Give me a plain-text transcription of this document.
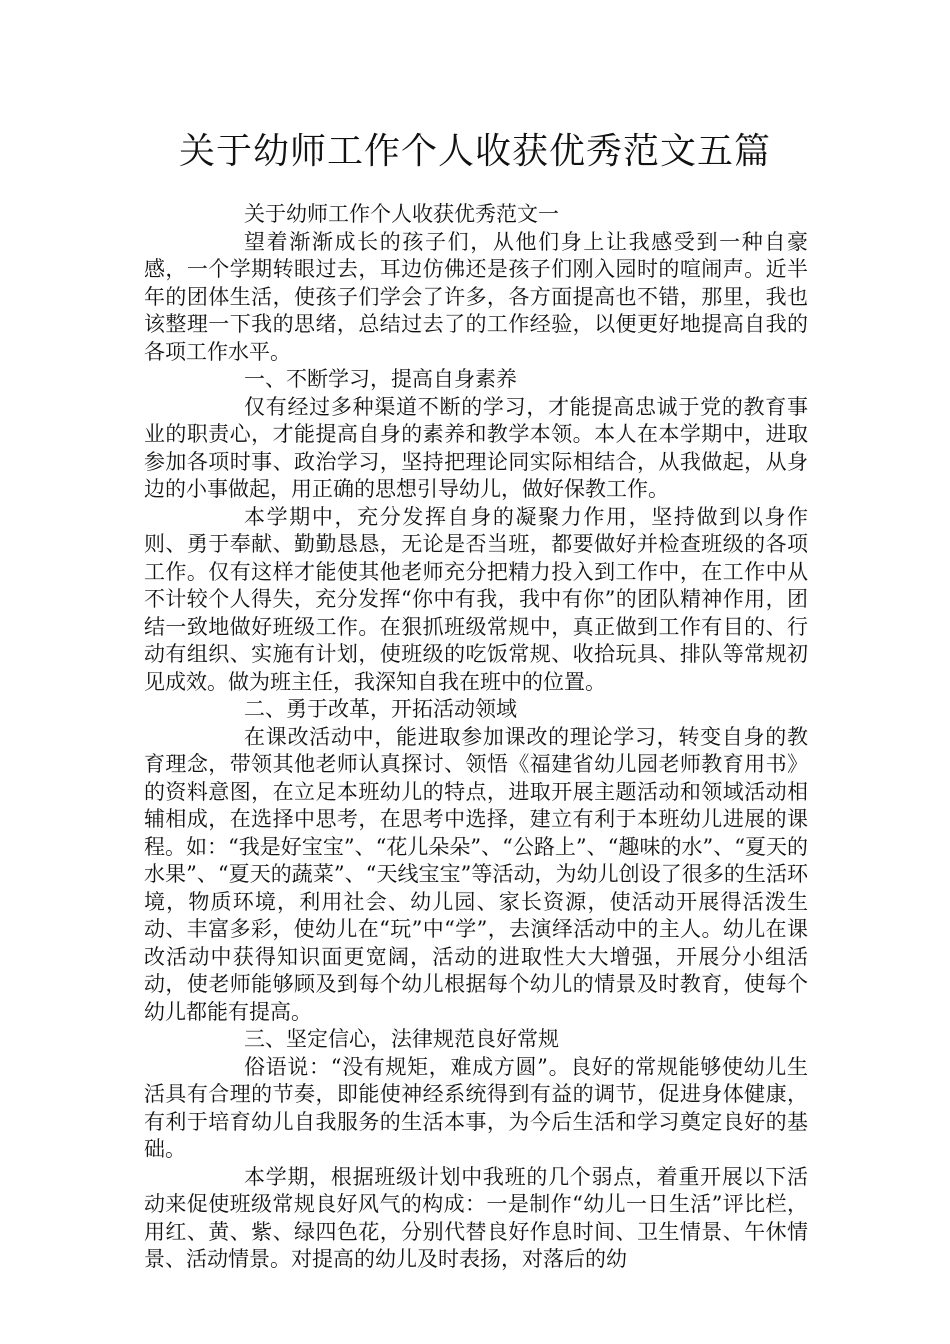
关于幼师工作个人收获优秀范文五篇

关于幼师工作个人收获优秀范文一

望着渐渐成长的孩子们，从他们身上让我感受到一种自豪感，一个学期转眼过去，耳边仿佛还是孩子们刚入园时的喧闹声。近半年的团体生活，使孩子们学会了许多，各方面提高也不错，那里，我也该整理一下我的思绪，总结过去了的工作经验，以便更好地提高自我的各项工作水平。

一、不断学习，提高自身素养

仅有经过多种渠道不断的学习，才能提高忠诚于党的教育事业的职责心，才能提高自身的素养和教学本领。本人在本学期中，进取参加各项时事、政治学习，坚持把理论同实际相结合，从我做起，从身边的小事做起，用正确的思想引导幼儿，做好保教工作。

本学期中，充分发挥自身的凝聚力作用，坚持做到以身作则、勇于奉献、勤勤恳恳，无论是否当班，都要做好并检查班级的各项工作。仅有这样才能使其他老师充分把精力投入到工作中，在工作中从不计较个人得失，充分发挥“你中有我，我中有你”的团队精神作用，团结一致地做好班级工作。在狠抓班级常规中，真正做到工作有目的、行动有组织、实施有计划，使班级的吃饭常规、收拾玩具、排队等常规初见成效。做为班主任，我深知自我在班中的位置。

二、勇于改革，开拓活动领域

在课改活动中，能进取参加课改的理论学习，转变自身的教育理念，带领其他老师认真探讨、领悟《福建省幼儿园老师教育用书》的资料意图，在立足本班幼儿的特点，进取开展主题活动和领域活动相辅相成，在选择中思考，在思考中选择，建立有利于本班幼儿进展的课程。如：“我是好宝宝”、“花儿朵朵”、“公路上”、“趣味的水”、“夏天的水果”、“夏天的蔬菜”、“天线宝宝”等活动，为幼儿创设了很多的生活环境，物质环境，利用社会、幼儿园、家长资源，使活动开展得活泼生动、丰富多彩，使幼儿在“玩”中“学”，去演绎活动中的主人。幼儿在课改活动中获得知识面更宽阔，活动的进取性大大增强，开展分小组活动，使老师能够顾及到每个幼儿根据每个幼儿的情景及时教育，使每个幼儿都能有提高。

三、坚定信心，法律规范良好常规

俗语说：“没有规矩，难成方圆”。良好的常规能够使幼儿生活具有合理的节奏，即能使神经系统得到有益的调节，促进身体健康，有利于培育幼儿自我服务的生活本事，为今后生活和学习奠定良好的基础。

本学期，根据班级计划中我班的几个弱点，着重开展以下活动来促使班级常规良好风气的构成：一是制作“幼儿一日生活”评比栏，用红、黄、紫、绿四色花，分别代替良好作息时间、卫生情景、午休情景、活动情景。对提高的幼儿及时表扬，对落后的幼
